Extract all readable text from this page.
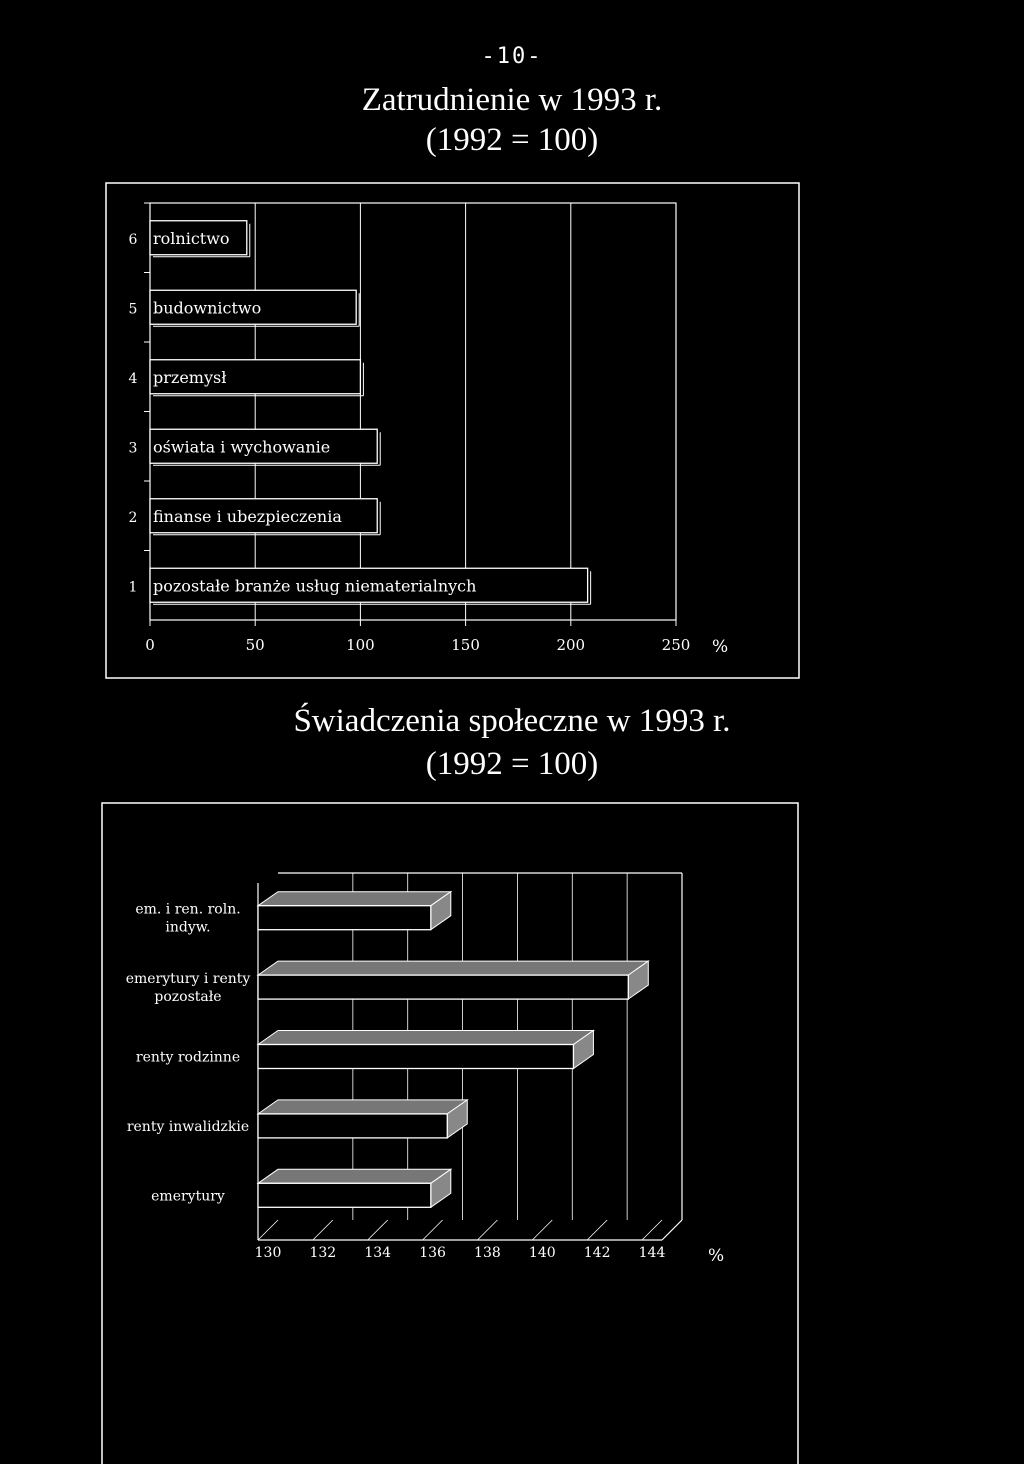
-10-
Zatrudnienie w 1993 r.
(1992 = 100)
Świadczenia społeczne w 1993 r.
(1992 = 100)
0	50	100	150	200	250 %
rolnictwo
6
budownictwo
5
przemysł
4
oświata i wychowanie
3
finanse i ubezpieczenia
2
pozostałe branże usług niematerialnych
1
130 132 134 136 138 140 142 144	%
em. i ren. roln. indyw.
emerytury i renty pozostałe
renty rodzinne
renty inwalidzkie
emerytury
